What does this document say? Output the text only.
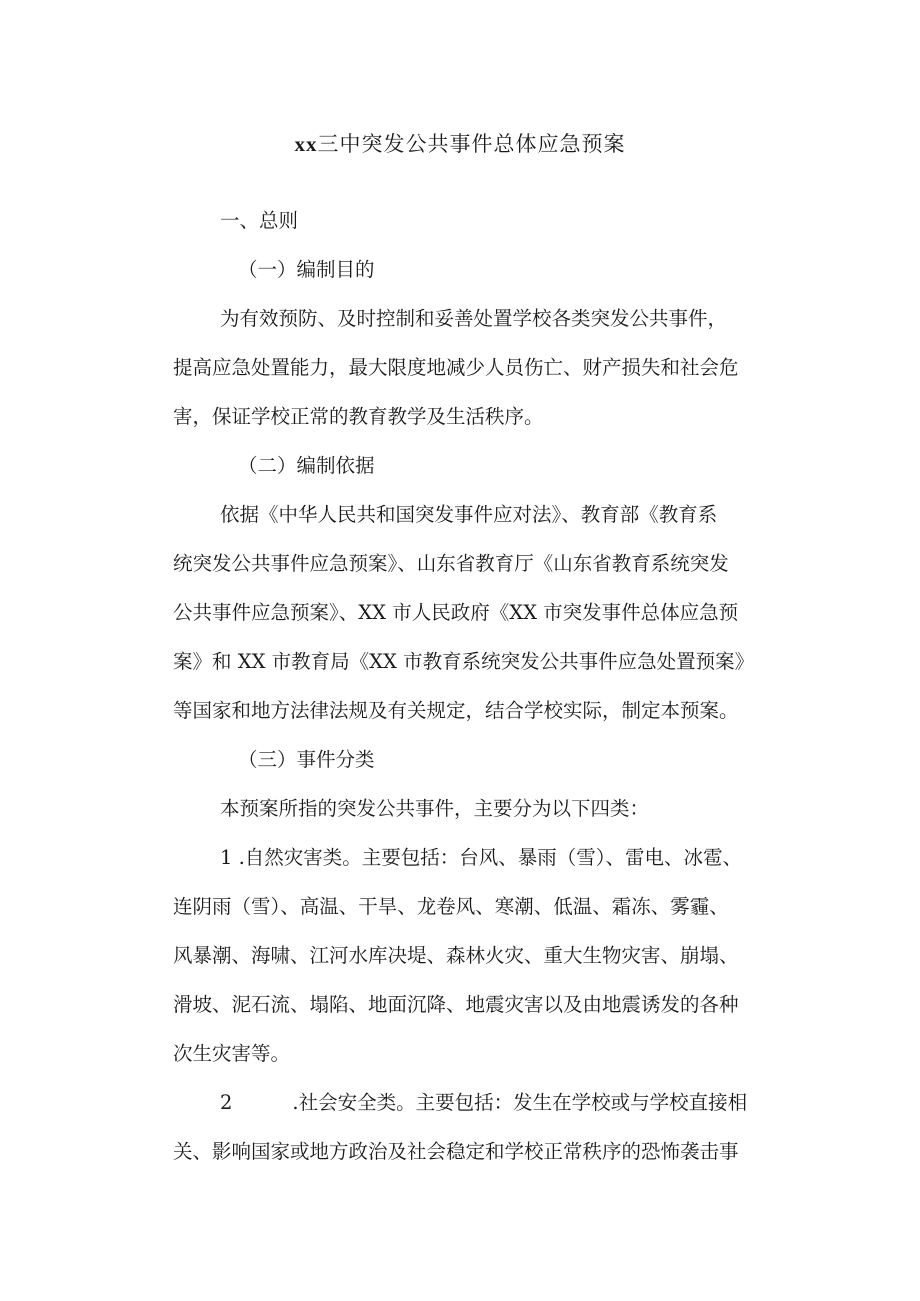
xx三中突发公共事件总体应急预案
一、总则
（一）编制目的
为有效预防、及时控制和妥善处置学校各类突发公共事件，
提高应急处置能力，最大限度地减少人员伤亡、财产损失和社会危
害，保证学校正常的教育教学及生活秩序。
（二）编制依据
依据《中华人民共和国突发事件应对法》、教育部《教育系
统突发公共事件应急预案》、山东省教育厅《山东省教育系统突发
公共事件应急预案》、XX 市人民政府《XX 市突发事件总体应急预
案》和 XX 市教育局《XX 市教育系统突发公共事件应急处置预案》
等国家和地方法律法规及有关规定，结合学校实际，制定本预案。
（三）事件分类
本预案所指的突发公共事件，主要分为以下四类：
1 .自然灾害类。主要包括：台风、暴雨（雪）、雷电、冰雹、
连阴雨（雪）、高温、干旱、龙卷风、寒潮、低温、霜冻、雾霾、
风暴潮、海啸、江河水库决堤、森林火灾、重大生物灾害、崩塌、
滑坡、泥石流、塌陷、地面沉降、地震灾害以及由地震诱发的各种
次生灾害等。
2	.社会安全类。主要包括：发生在学校或与学校直接相
关、影响国家或地方政治及社会稳定和学校正常秩序的恐怖袭击事
